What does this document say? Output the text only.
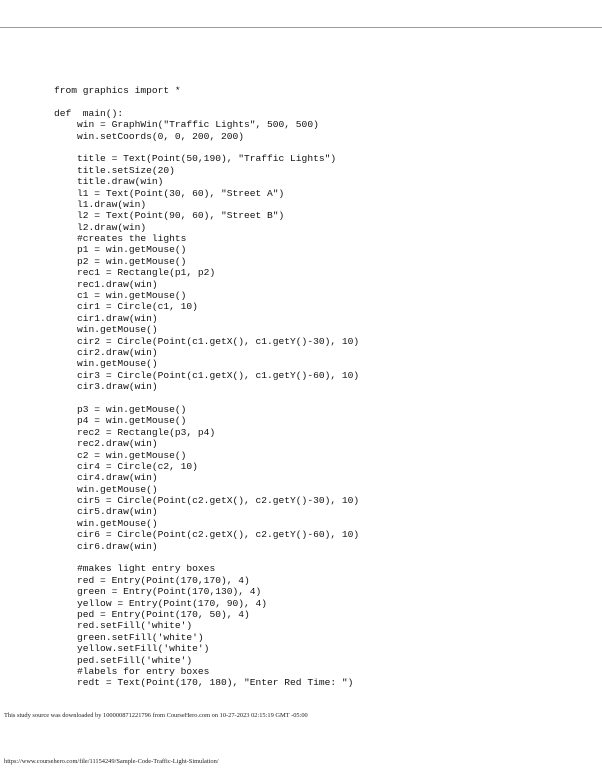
from graphics import *
def  main():
win = GraphWin("Traffic Lights", 500, 500)
win.setCoords(0, 0, 200, 200)
title = Text(Point(50,190), "Traffic Lights")
title.setSize(20)
title.draw(win)
l1 = Text(Point(30, 60), "Street A")
l1.draw(win)
l2 = Text(Point(90, 60), "Street B")
l2.draw(win)
#creates the lights
p1 = win.getMouse()
p2 = win.getMouse()
rec1 = Rectangle(p1, p2)
rec1.draw(win)
c1 = win.getMouse()
cir1 = Circle(c1, 10)
cir1.draw(win)
win.getMouse()
cir2 = Circle(Point(c1.getX(), c1.getY()-30), 10)
cir2.draw(win)
win.getMouse()
cir3 = Circle(Point(c1.getX(), c1.getY()-60), 10)
cir3.draw(win)
p3 = win.getMouse()
p4 = win.getMouse()
rec2 = Rectangle(p3, p4)
rec2.draw(win)
c2 = win.getMouse()
cir4 = Circle(c2, 10)
cir4.draw(win)
win.getMouse()
cir5 = Circle(Point(c2.getX(), c2.getY()-30), 10)
cir5.draw(win)
win.getMouse()
cir6 = Circle(Point(c2.getX(), c2.getY()-60), 10)
cir6.draw(win)
#makes light entry boxes
red = Entry(Point(170,170), 4)
green = Entry(Point(170,130), 4)
yellow = Entry(Point(170, 90), 4)
ped = Entry(Point(170, 50), 4)
red.setFill('white')
green.setFill('white')
yellow.setFill('white')
ped.setFill('white')
#labels for entry boxes
redt = Text(Point(170, 180), "Enter Red Time: ")
This study source was downloaded by 100000871221796 from CourseHero.com on 10-27-2023 02:15:19 GMT -05:00
https://www.coursehero.com/file/11154249/Sample-Code-Traffic-Light-Simulation/
